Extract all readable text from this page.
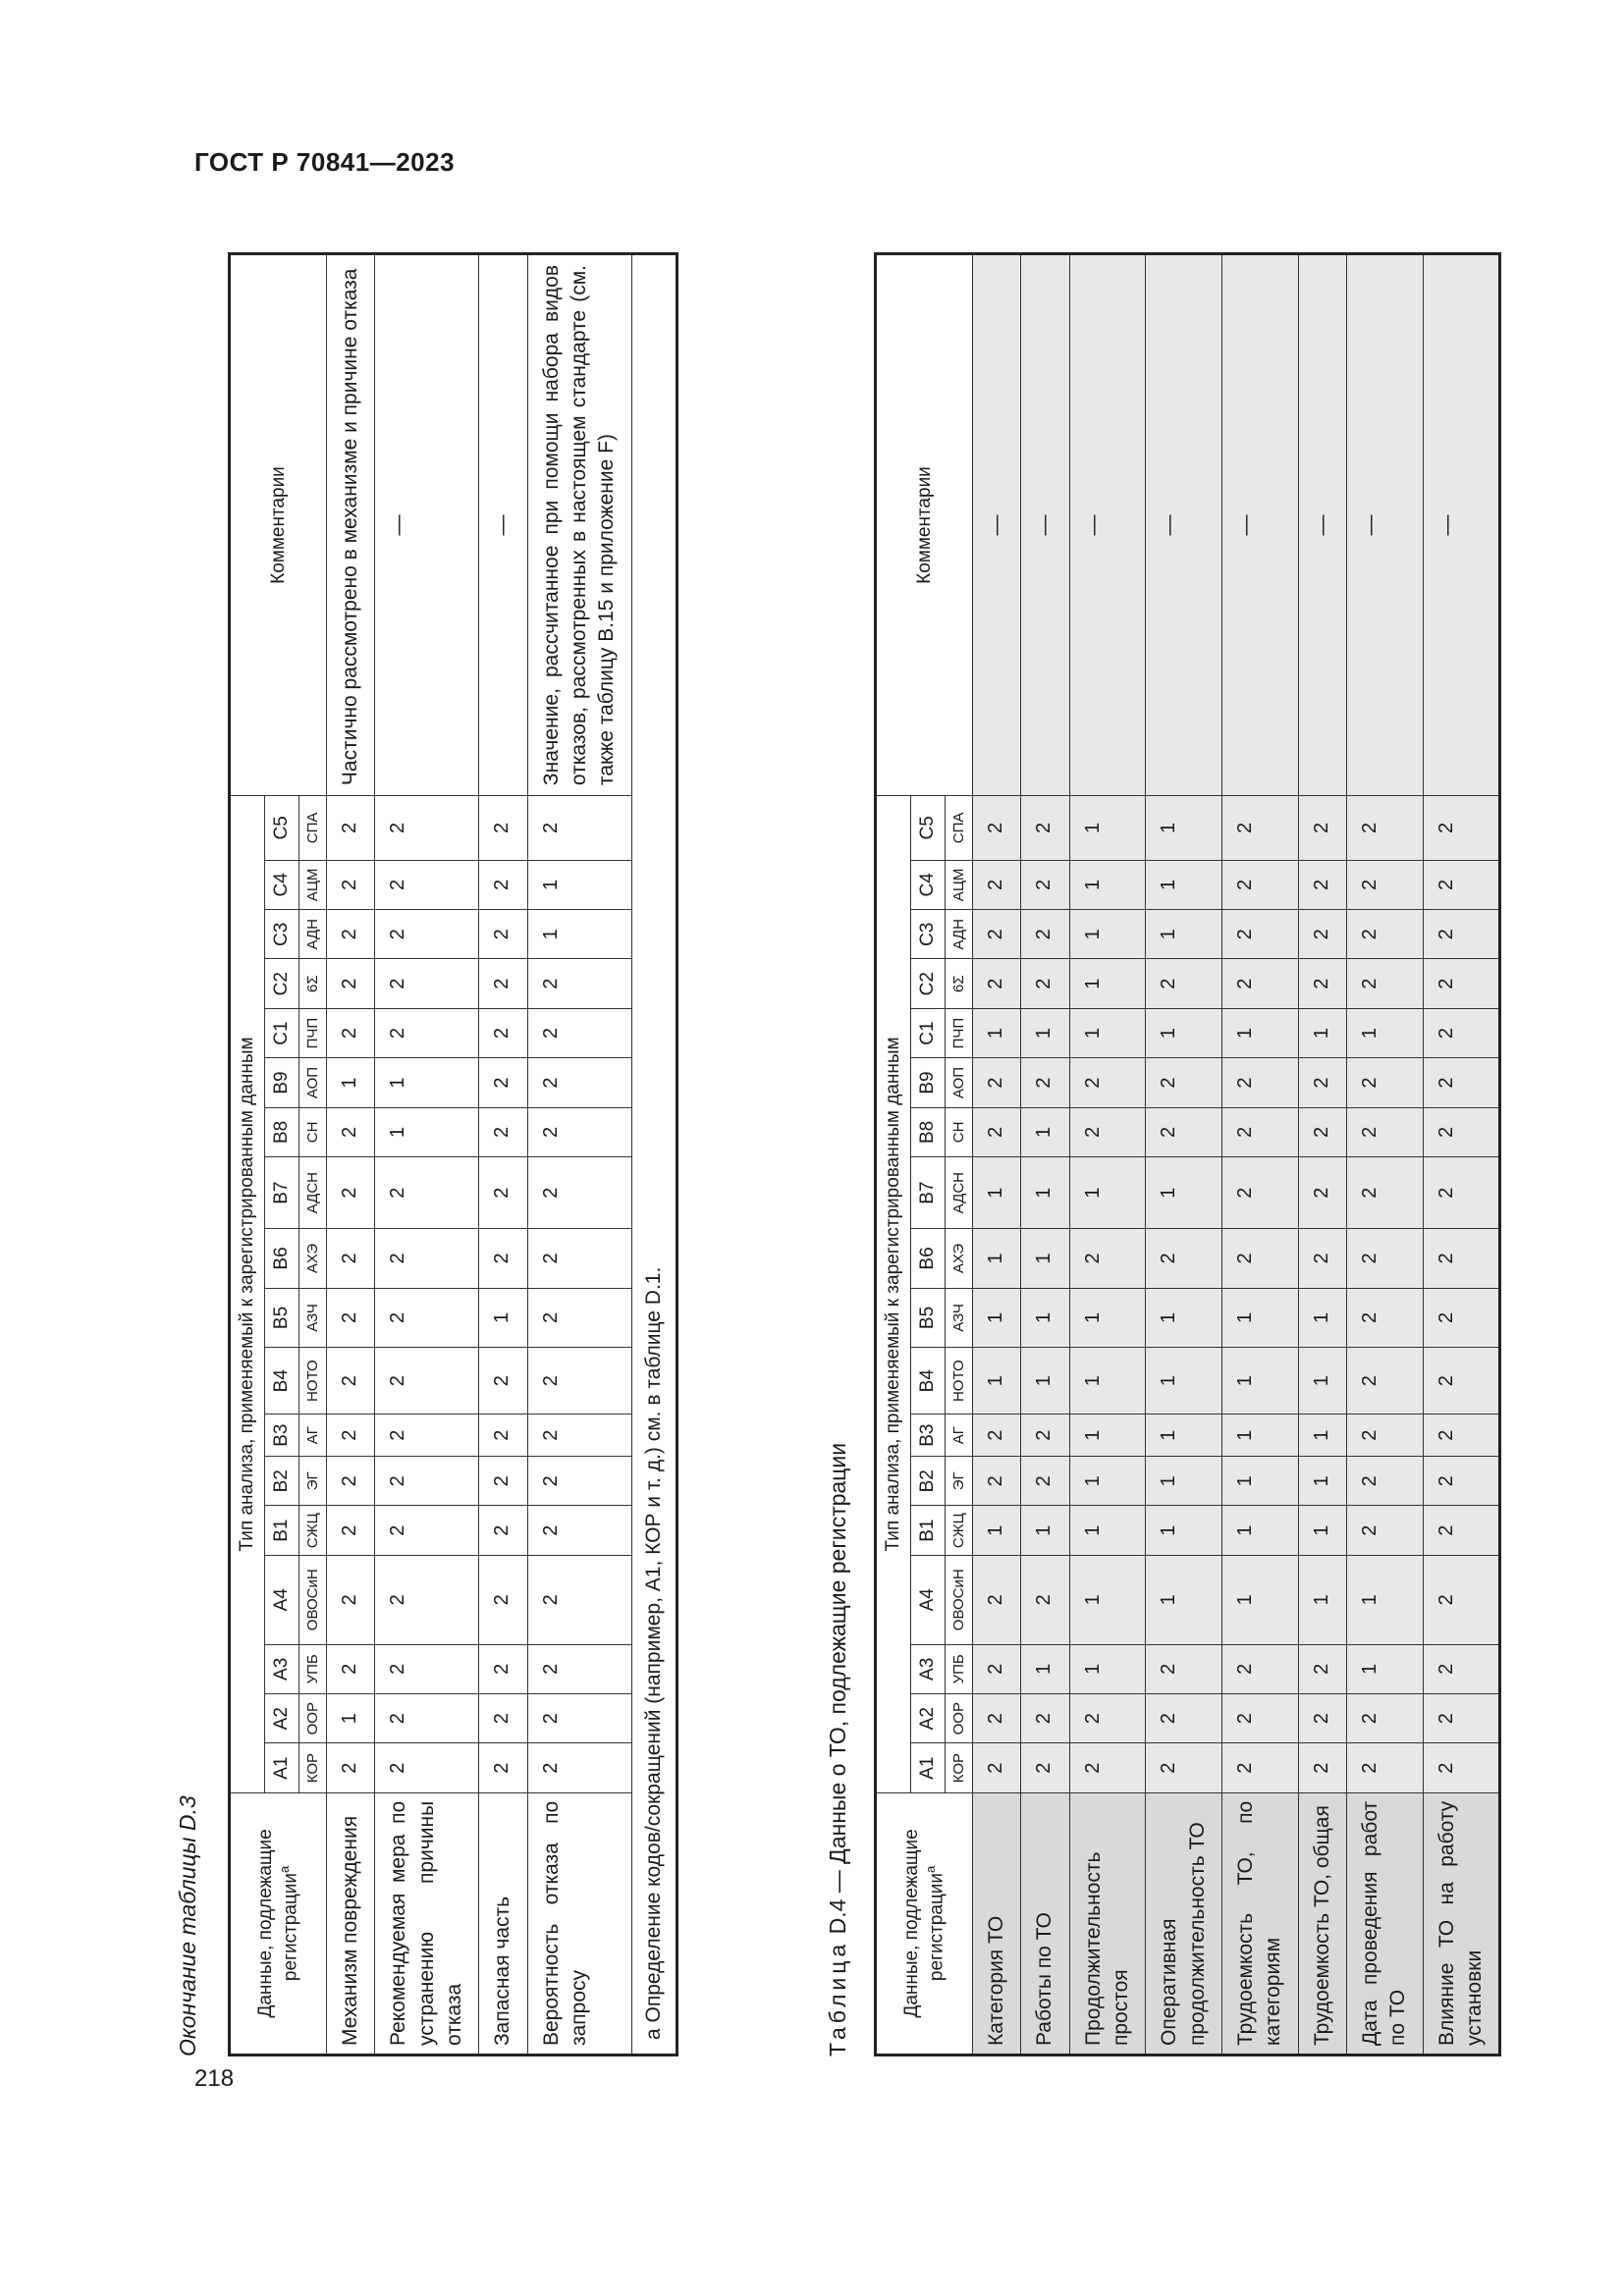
ГОСТ Р 70841—2023
218
Окончание таблицы D.3	Данные, подлежащие регистрации$^а$	Тип анализа, применяемый к зарегистрированным данным																		Комментарии
	А1	А2	А3	А4	В1	В2	В3	В4	В5	В6	В7	В8	В9	С1	С2	С3	С4	С5	
	КОР	ООР	УПБ	ОВОСиН	СЖЦ	ЭГ	АГ	НОТО	АЗЧ	АХЭ	АДСН	СН	АОП	ПЧП	6Σ	АДН	АЦМ	СПА	
Механизм повреждения	2	1	2	2	2	2	2	2	2	2	2	2	1	2	2	2	2	2	Частично рассмотрено в механизме и причине отказа
Рекомендуемая мера по устранению причины отказа	2	2	2	2	2	2	2	2	2	2	2	1	1	2	2	2	2	2	—
Запасная часть	2	2	2	2	2	2	2	2	1	2	2	2	2	2	2	2	2	2	—
Вероятность отказа по запросу	2	2	2	2	2	2	2	2	2	2	2	2	2	2	2	1	1	2	Значение, рассчитанное при помощи набора видов отказов, рассмотренных в настоящем стандарте (см. также таблицу В.15 и приложение F)
а Определение кодов/сокращений (например, А1, КОР и т. д.) см. в таблице D.1.																				Таблица D.4 — Данные о ТО, подлежащие регистрации	Данные, подлежащие регистрации$^а$	Тип анализа, применяемый к зарегистрированным данным																		Комментарии
	А1	А2	А3	А4	В1	В2	В3	В4	В5	В6	В7	В8	В9	С1	С2	С3	С4	С5	
	КОР	ООР	УПБ	ОВОСиН	СЖЦ	ЭГ	АГ	НОТО	АЗЧ	АХЭ	АДСН	СН	АОП	ПЧП	6Σ	АДН	АЦМ	СПА	
Категория ТО	2	2	2	2	1	2	2	1	1	1	1	2	2	1	2	2	2	2	—
Работы по ТО	2	2	1	2	1	2	2	1	1	1	1	1	2	1	2	2	2	2	—
Продолжительность простоя	2	2	1	1	1	1	1	1	1	2	1	2	2	1	1	1	1	1	—
Оперативная продолжительность ТО	2	2	2	1	1	1	1	1	1	2	1	2	2	1	2	1	1	1	—
Трудоемкость ТО, по категориям	2	2	2	1	1	1	1	1	1	2	2	2	2	1	2	2	2	2	—
Трудоемкость ТО, общая	2	2	2	1	1	1	1	1	1	2	2	2	2	1	2	2	2	2	—
Дата проведения работ по ТО	2	2	1	1	2	2	2	2	2	2	2	2	2	1	2	2	2	2	—
Влияние ТО на работу установки	2	2	2	2	2	2	2	2	2	2	2	2	2	2	2	2	2	2	—
